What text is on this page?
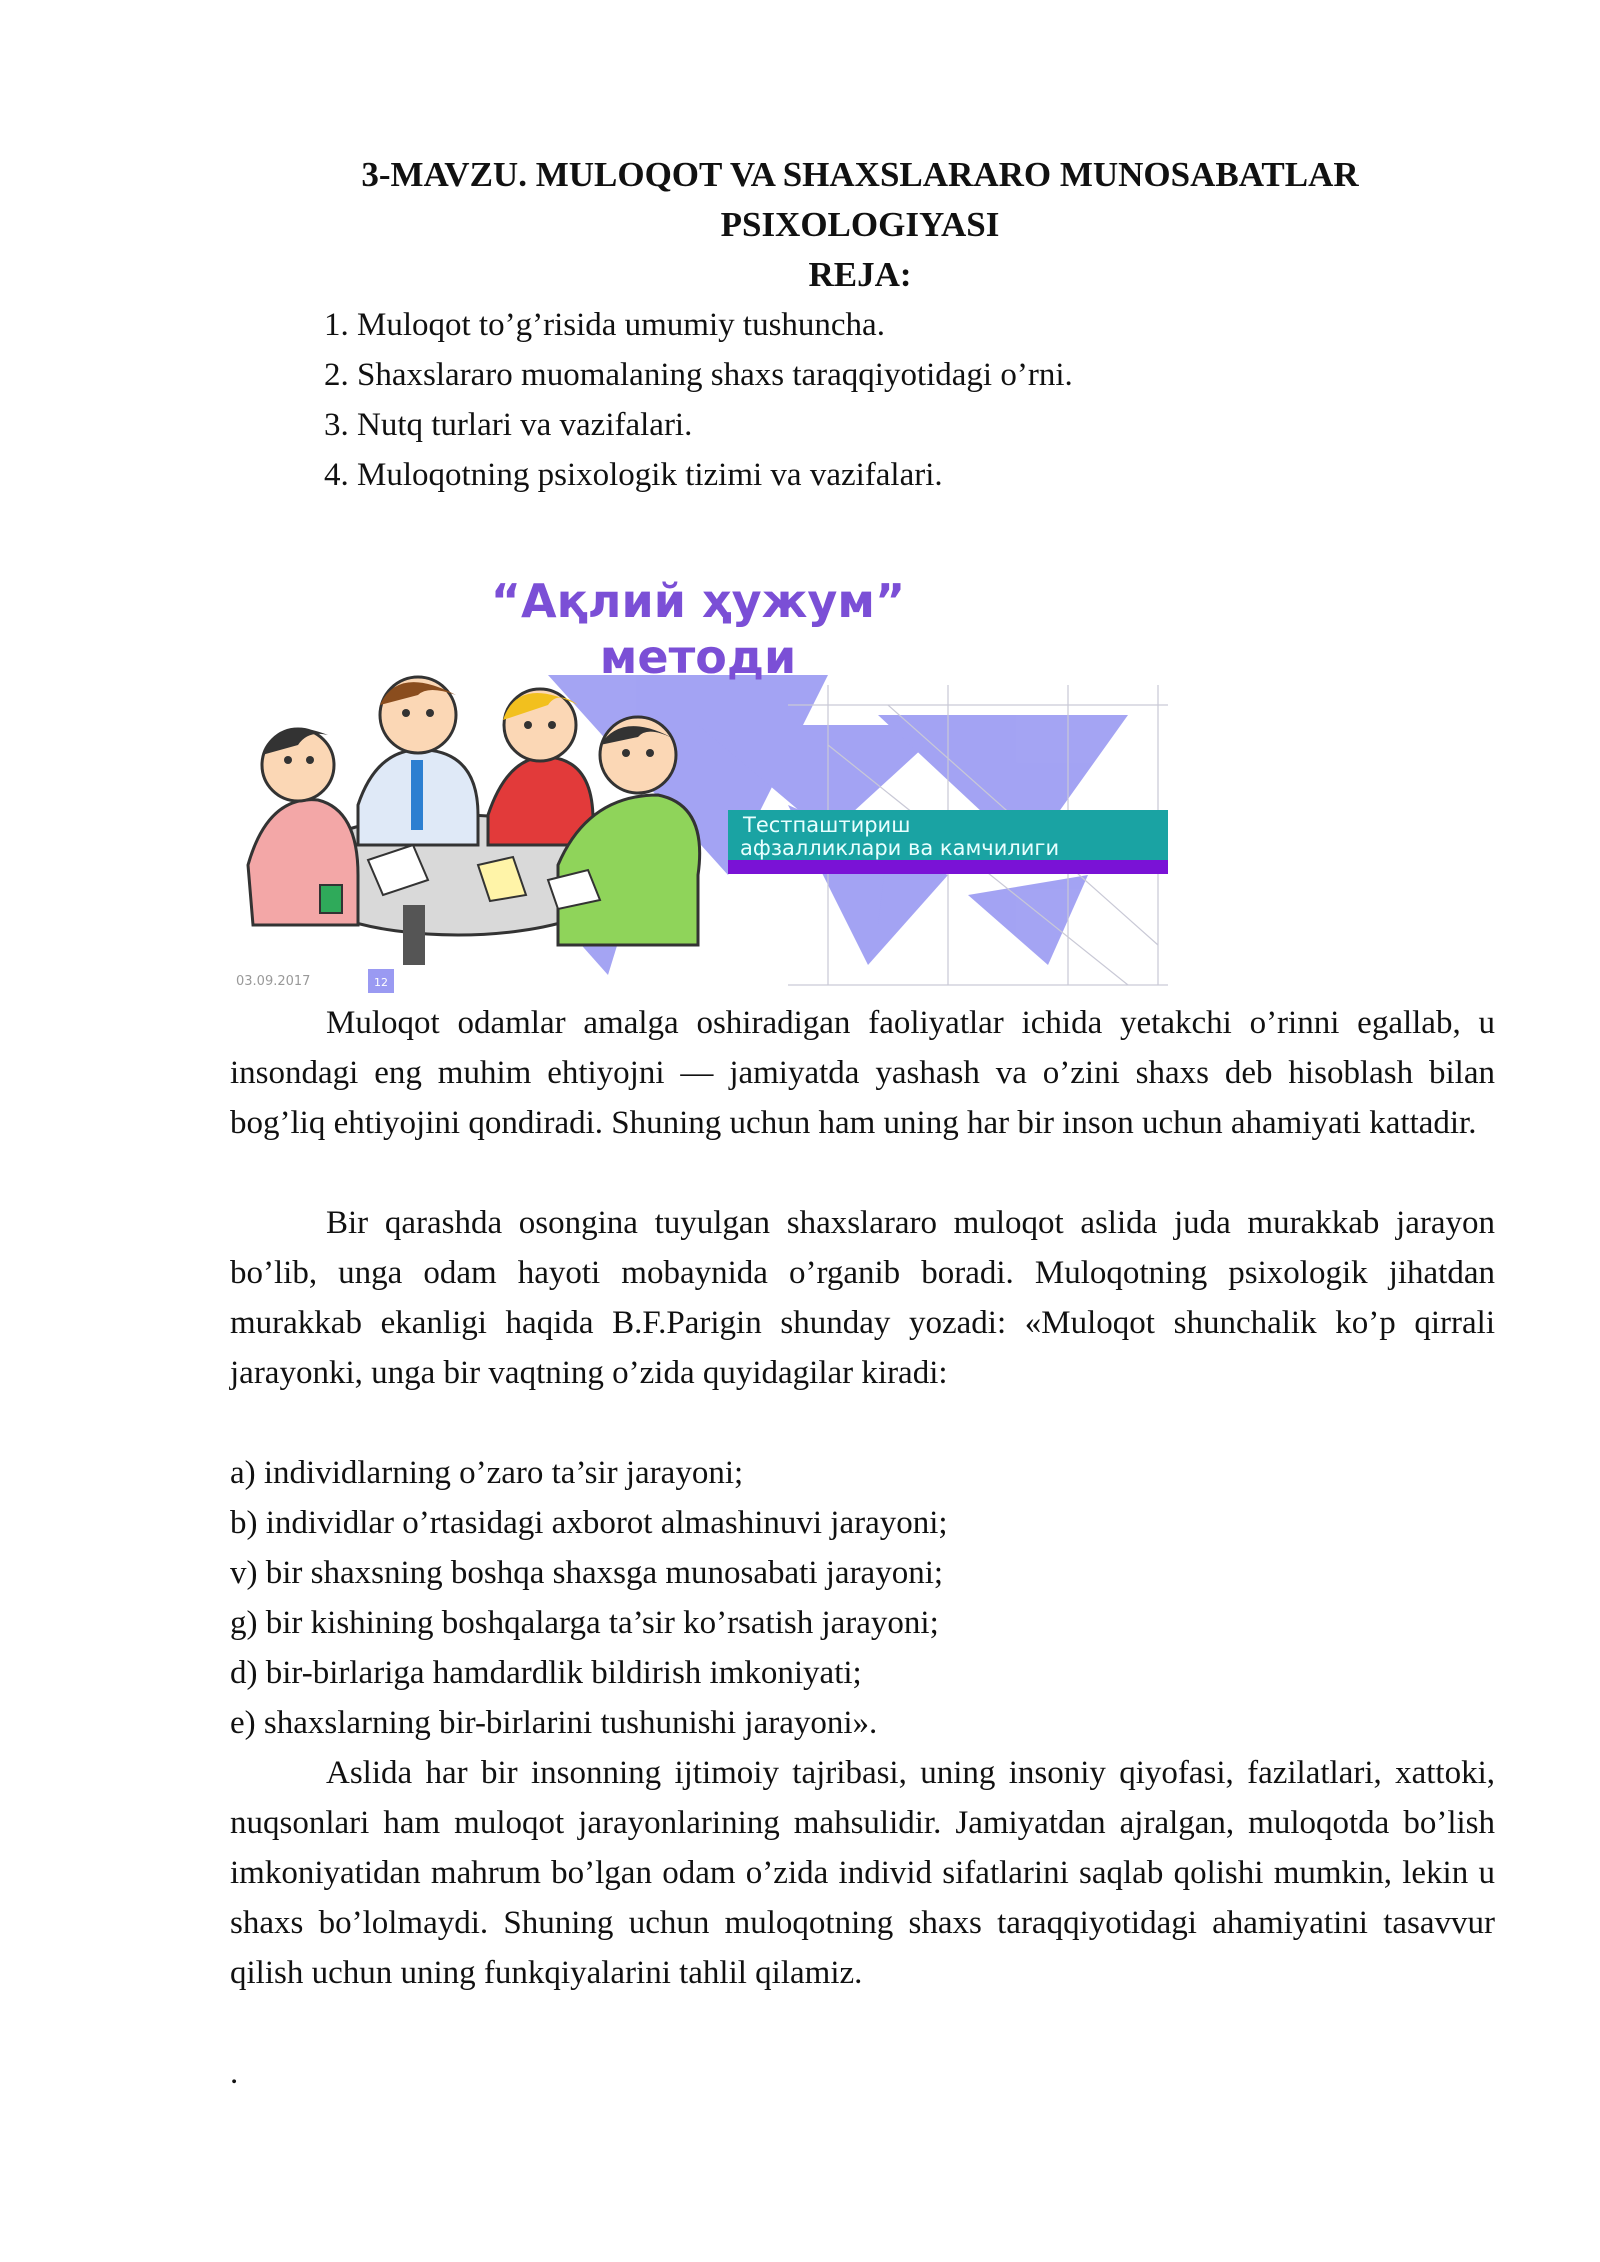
3-MAVZU. MULOQOT VA SHAXSLARARO MUNOSABATLAR
PSIXOLOGIYASI
REJA:
1. Muloqot to’g’risida umumiy tushuncha.
2. Shaxslararo muomalaning shaxs taraqqiyotidagi o’rni.
3. Nutq turlari va vazifalari.
4. Muloqotning psixologik tizimi va vazifalari.
“Ақлий ҳужум”
методи
Тестпаштириш
афзалликлари ва камчилиги
03.09.2017	12

Muloqot odamlar amalga oshiradigan faoliyatlar ichida yetakchi o’rinni egallab, u insondagi eng muhim ehtiyojni — jamiyatda yashash va o’zini shaxs deb hisoblash bilan bog’liq ehtiyojini qondiradi. Shuning uchun ham uning har bir inson uchun ahamiyati kattadir.

Bir qarashda osongina tuyulgan shaxslararo muloqot aslida juda murakkab jarayon bo’lib, unga odam hayoti mobaynida o’rganib boradi. Muloqotning psixologik jihatdan murakkab ekanligi haqida B.F.Parigin shunday yozadi: «Muloqot shunchalik ko’p qirrali jarayonki, unga bir vaqtning o’zida quyidagilar kiradi:

a) individlarning o’zaro ta’sir jarayoni;
b) individlar o’rtasidagi axborot almashinuvi jarayoni;
v) bir shaxsning boshqa shaxsga munosabati jarayoni;
g) bir kishining boshqalarga ta’sir ko’rsatish jarayoni;
d) bir-birlariga hamdardlik bildirish imkoniyati;
e) shaxslarning bir-birlarini tushunishi jarayoni».

Aslida har bir insonning ijtimoiy tajribasi, uning insoniy qiyofasi, fazilatlari, xattoki, nuqsonlari ham muloqot jarayonlarining mahsulidir. Jamiyatdan ajralgan, muloqotda bo’lish imkoniyatidan mahrum bo’lgan odam o’zida individ sifatlarini saqlab qolishi mumkin, lekin u shaxs bo’lolmaydi. Shuning uchun muloqotning shaxs taraqqiyotidagi ahamiyatini tasavvur qilish uchun uning funkqiyalarini tahlil qilamiz.

.
